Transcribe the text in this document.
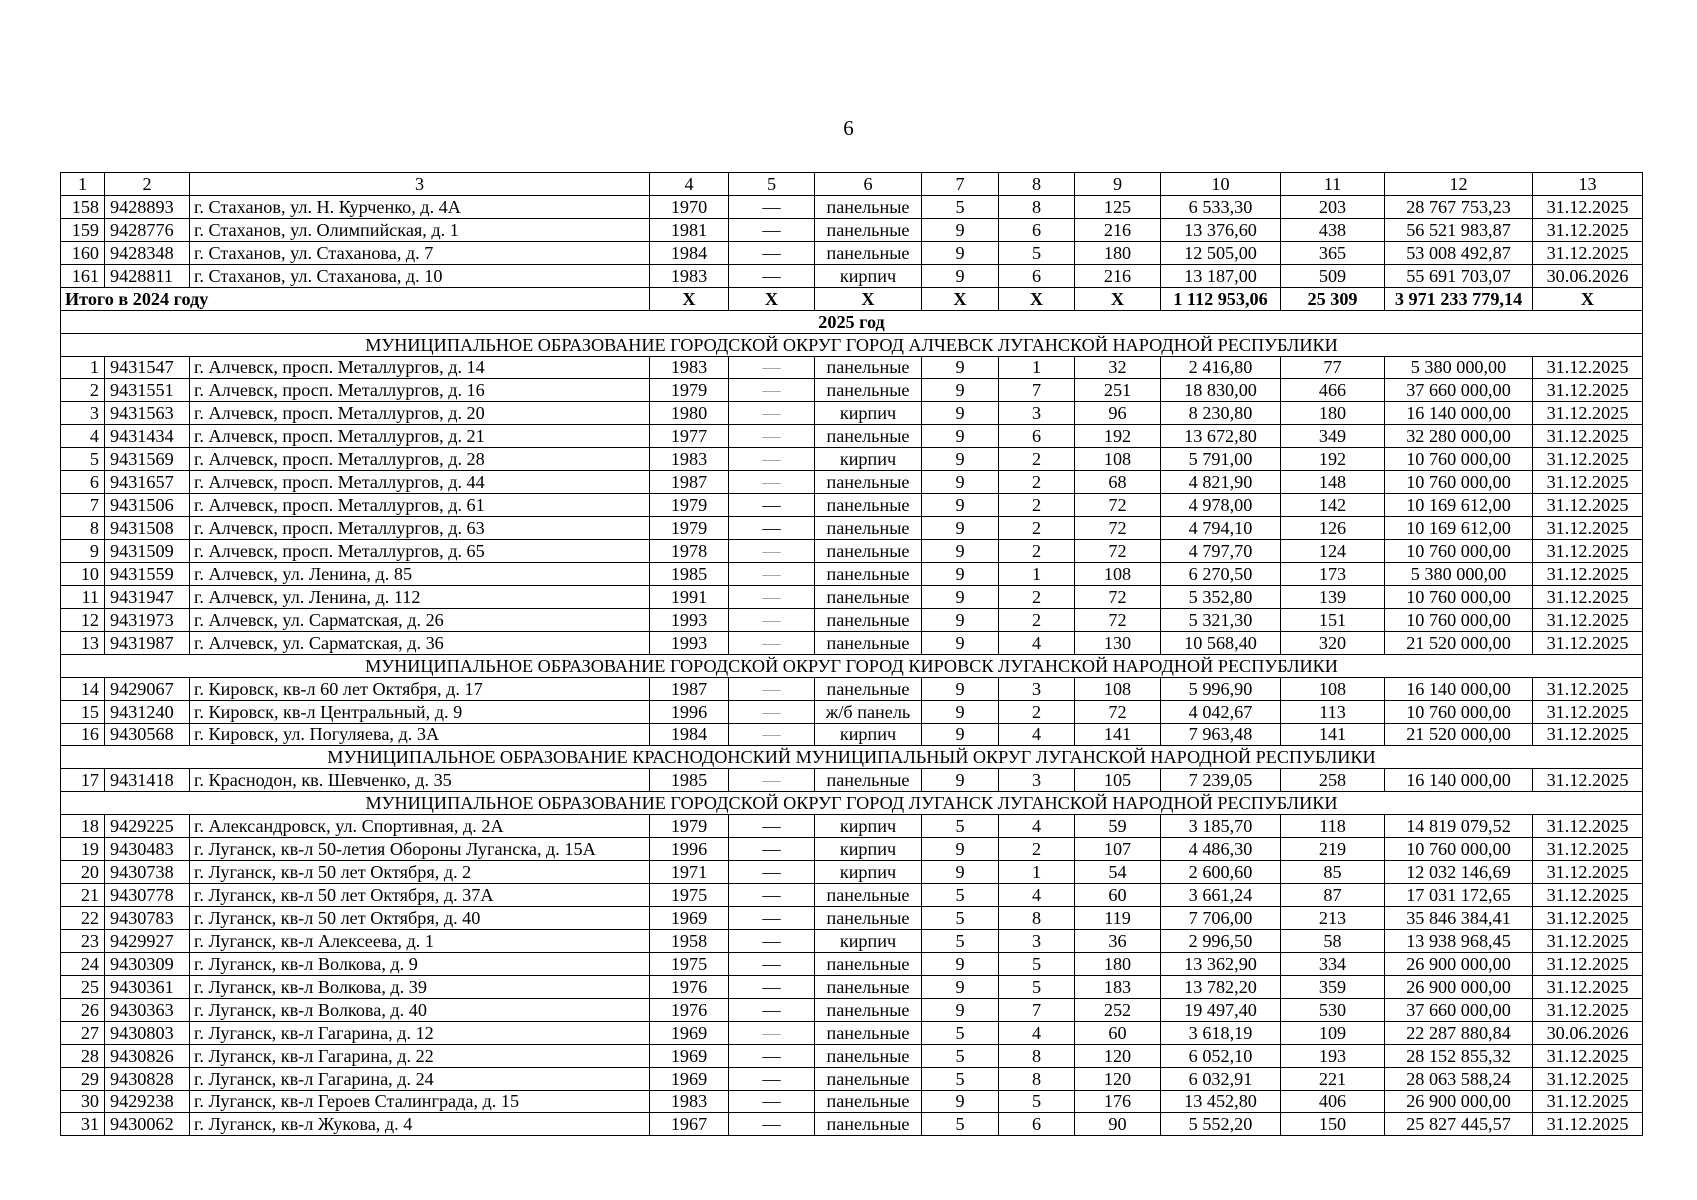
6
1	2	3	4	5	6	7	8	9	10	11	12	13
158	9428893	г. Стаханов, ул. Н. Курченко, д. 4А	1970	—	панельные	5	8	125	6 533,30	203	28 767 753,23	31.12.2025
159	9428776	г. Стаханов, ул. Олимпийская, д. 1	1981	—	панельные	9	6	216	13 376,60	438	56 521 983,87	31.12.2025
160	9428348	г. Стаханов, ул. Стаханова, д. 7	1984	—	панельные	9	5	180	12 505,00	365	53 008 492,87	31.12.2025
161	9428811	г. Стаханов, ул. Стаханова, д. 10	1983	—	кирпич	9	6	216	13 187,00	509	55 691 703,07	30.06.2026
Итого в 2024 году			X	X	X	X	X	X	1 112 953,06	25 309	3 971 233 779,14	X
2025 год												
МУНИЦИПАЛЬНОЕ ОБРАЗОВАНИЕ ГОРОДСКОЙ ОКРУГ ГОРОД АЛЧЕВСК ЛУГАНСКОЙ НАРОДНОЙ РЕСПУБЛИКИ												
1	9431547	г. Алчевск, просп. Металлургов, д. 14	1983	—	панельные	9	1	32	2 416,80	77	5 380 000,00	31.12.2025
2	9431551	г. Алчевск, просп. Металлургов, д. 16	1979	—	панельные	9	7	251	18 830,00	466	37 660 000,00	31.12.2025
3	9431563	г. Алчевск, просп. Металлургов, д. 20	1980	—	кирпич	9	3	96	8 230,80	180	16 140 000,00	31.12.2025
4	9431434	г. Алчевск, просп. Металлургов, д. 21	1977	—	панельные	9	6	192	13 672,80	349	32 280 000,00	31.12.2025
5	9431569	г. Алчевск, просп. Металлургов, д. 28	1983	—	кирпич	9	2	108	5 791,00	192	10 760 000,00	31.12.2025
6	9431657	г. Алчевск, просп. Металлургов, д. 44	1987	—	панельные	9	2	68	4 821,90	148	10 760 000,00	31.12.2025
7	9431506	г. Алчевск, просп. Металлургов, д. 61	1979	—	панельные	9	2	72	4 978,00	142	10 169 612,00	31.12.2025
8	9431508	г. Алчевск, просп. Металлургов, д. 63	1979	—	панельные	9	2	72	4 794,10	126	10 169 612,00	31.12.2025
9	9431509	г. Алчевск, просп. Металлургов, д. 65	1978	—	панельные	9	2	72	4 797,70	124	10 760 000,00	31.12.2025
10	9431559	г. Алчевск, ул. Ленина, д. 85	1985	—	панельные	9	1	108	6 270,50	173	5 380 000,00	31.12.2025
11	9431947	г. Алчевск, ул. Ленина, д. 112	1991	—	панельные	9	2	72	5 352,80	139	10 760 000,00	31.12.2025
12	9431973	г. Алчевск, ул. Сарматская, д. 26	1993	—	панельные	9	2	72	5 321,30	151	10 760 000,00	31.12.2025
13	9431987	г. Алчевск, ул. Сарматская, д. 36	1993	—	панельные	9	4	130	10 568,40	320	21 520 000,00	31.12.2025
МУНИЦИПАЛЬНОЕ ОБРАЗОВАНИЕ ГОРОДСКОЙ ОКРУГ ГОРОД КИРОВСК ЛУГАНСКОЙ НАРОДНОЙ РЕСПУБЛИКИ												
14	9429067	г. Кировск, кв-л 60 лет Октября, д. 17	1987	—	панельные	9	3	108	5 996,90	108	16 140 000,00	31.12.2025
15	9431240	г. Кировск, кв-л Центральный, д. 9	1996	—	ж/б панель	9	2	72	4 042,67	113	10 760 000,00	31.12.2025
16	9430568	г. Кировск, ул. Погуляева, д. 3А	1984	—	кирпич	9	4	141	7 963,48	141	21 520 000,00	31.12.2025
МУНИЦИПАЛЬНОЕ ОБРАЗОВАНИЕ КРАСНОДОНСКИЙ МУНИЦИПАЛЬНЫЙ ОКРУГ ЛУГАНСКОЙ НАРОДНОЙ РЕСПУБЛИКИ												
17	9431418	г. Краснодон, кв. Шевченко, д. 35	1985	—	панельные	9	3	105	7 239,05	258	16 140 000,00	31.12.2025
МУНИЦИПАЛЬНОЕ ОБРАЗОВАНИЕ ГОРОДСКОЙ ОКРУГ ГОРОД ЛУГАНСК ЛУГАНСКОЙ НАРОДНОЙ РЕСПУБЛИКИ												
18	9429225	г. Александровск, ул. Спортивная, д. 2А	1979	—	кирпич	5	4	59	3 185,70	118	14 819 079,52	31.12.2025
19	9430483	г. Луганск, кв-л 50-летия Обороны Луганска, д. 15А	1996	—	кирпич	9	2	107	4 486,30	219	10 760 000,00	31.12.2025
20	9430738	г. Луганск, кв-л 50 лет Октября, д. 2	1971	—	кирпич	9	1	54	2 600,60	85	12 032 146,69	31.12.2025
21	9430778	г. Луганск, кв-л 50 лет Октября, д. 37А	1975	—	панельные	5	4	60	3 661,24	87	17 031 172,65	31.12.2025
22	9430783	г. Луганск, кв-л 50 лет Октября, д. 40	1969	—	панельные	5	8	119	7 706,00	213	35 846 384,41	31.12.2025
23	9429927	г. Луганск, кв-л Алексеева, д. 1	1958	—	кирпич	5	3	36	2 996,50	58	13 938 968,45	31.12.2025
24	9430309	г. Луганск, кв-л Волкова, д. 9	1975	—	панельные	9	5	180	13 362,90	334	26 900 000,00	31.12.2025
25	9430361	г. Луганск, кв-л Волкова, д. 39	1976	—	панельные	9	5	183	13 782,20	359	26 900 000,00	31.12.2025
26	9430363	г. Луганск, кв-л Волкова, д. 40	1976	—	панельные	9	7	252	19 497,40	530	37 660 000,00	31.12.2025
27	9430803	г. Луганск, кв-л Гагарина, д. 12	1969	—	панельные	5	4	60	3 618,19	109	22 287 880,84	30.06.2026
28	9430826	г. Луганск, кв-л Гагарина, д. 22	1969	—	панельные	5	8	120	6 052,10	193	28 152 855,32	31.12.2025
29	9430828	г. Луганск, кв-л Гагарина, д. 24	1969	—	панельные	5	8	120	6 032,91	221	28 063 588,24	31.12.2025
30	9429238	г. Луганск, кв-л Героев Сталинграда, д. 15	1983	—	панельные	9	5	176	13 452,80	406	26 900 000,00	31.12.2025
31	9430062	г. Луганск, кв-л Жукова, д. 4	1967	—	панельные	5	6	90	5 552,20	150	25 827 445,57	31.12.2025
